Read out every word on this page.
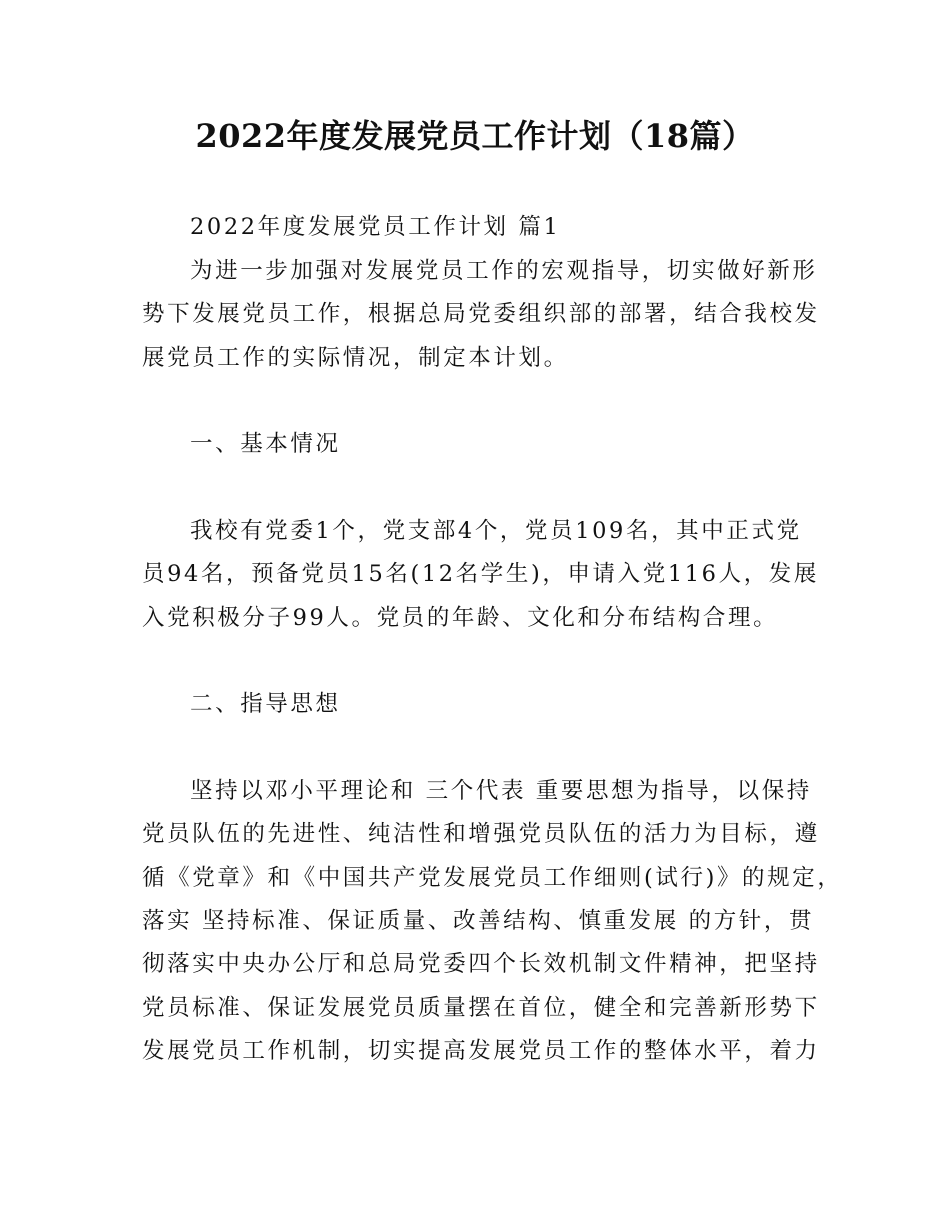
2022年度发展党员工作计划（18篇）

2022年度发展党员工作计划 篇1

为进一步加强对发展党员工作的宏观指导，切实做好新形

势下发展党员工作，根据总局党委组织部的部署，结合我校发

展党员工作的实际情况，制定本计划。

一、基本情况

我校有党委1个，党支部4个，党员109名，其中正式党

员94名，预备党员15名(12名学生)，申请入党116人，发展

入党积极分子99人。党员的年龄、文化和分布结构合理。

二、指导思想

坚持以邓小平理论和 三个代表 重要思想为指导，以保持

党员队伍的先进性、纯洁性和增强党员队伍的活力为目标，遵

循《党章》和《中国共产党发展党员工作细则(试行)》的规定，

落实 坚持标准、保证质量、改善结构、慎重发展 的方针，贯

彻落实中央办公厅和总局党委四个长效机制文件精神，把坚持

党员标准、保证发展党员质量摆在首位，健全和完善新形势下

发展党员工作机制，切实提高发展党员工作的整体水平，着力
